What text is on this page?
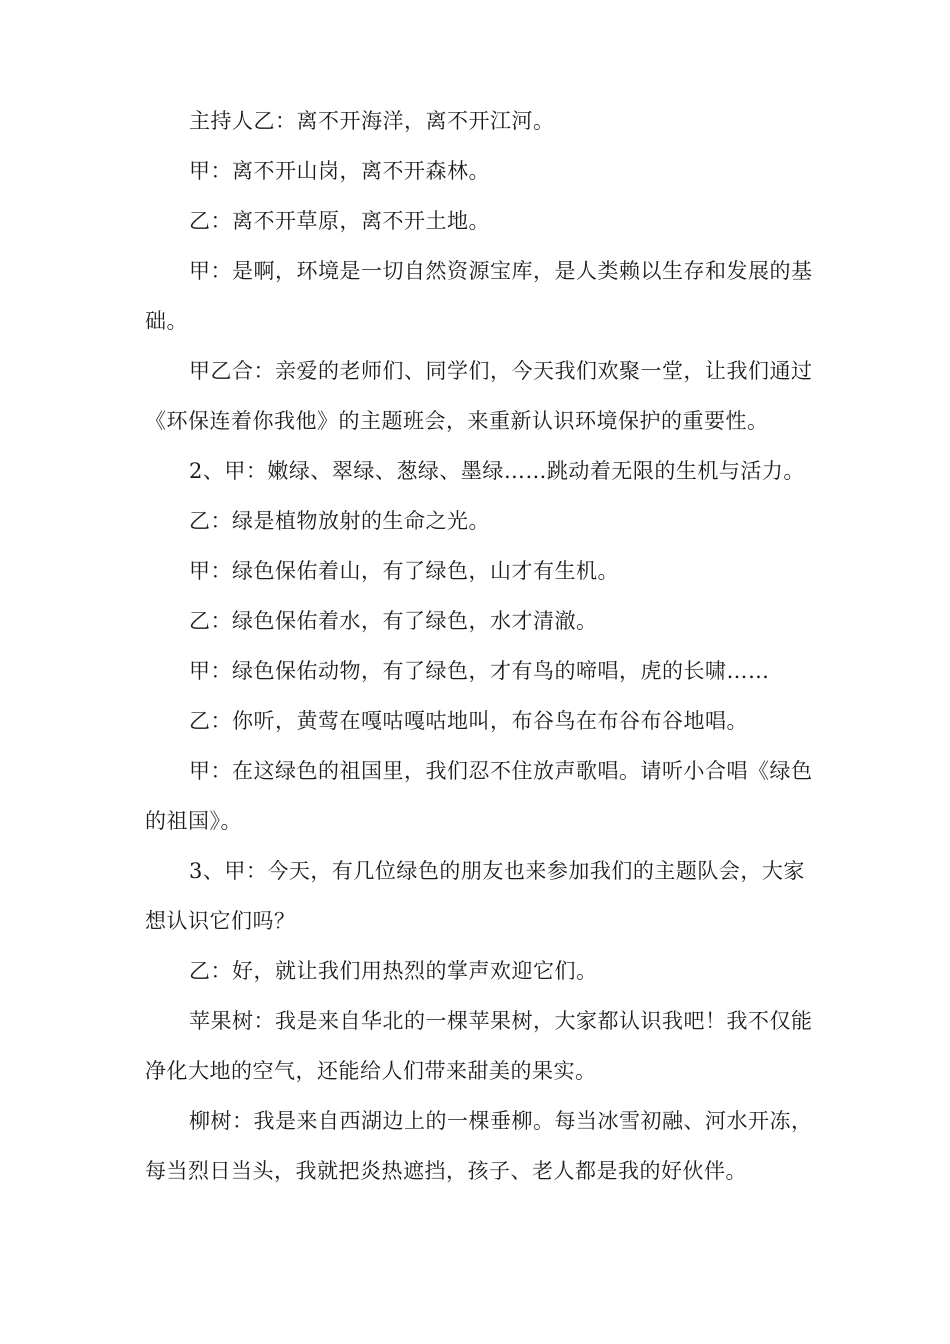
主持人乙：离不开海洋，离不开江河。

甲：离不开山岗，离不开森林。

乙：离不开草原，离不开土地。

甲：是啊，环境是一切自然资源宝库，是人类赖以生存和发展的基础。

甲乙合：亲爱的老师们、同学们，今天我们欢聚一堂，让我们通过《环保连着你我他》的主题班会，来重新认识环境保护的重要性。

2、甲：嫩绿、翠绿、葱绿、墨绿……跳动着无限的生机与活力。

乙：绿是植物放射的生命之光。

甲：绿色保佑着山，有了绿色，山才有生机。

乙：绿色保佑着水，有了绿色，水才清澈。

甲：绿色保佑动物，有了绿色，才有鸟的啼唱，虎的长啸……

乙：你听，黄莺在嘎咕嘎咕地叫，布谷鸟在布谷布谷地唱。

甲：在这绿色的祖国里，我们忍不住放声歌唱。请听小合唱《绿色的祖国》。

3、甲：今天，有几位绿色的朋友也来参加我们的主题队会，大家想认识它们吗？

乙：好，就让我们用热烈的掌声欢迎它们。

苹果树：我是来自华北的一棵苹果树，大家都认识我吧！我不仅能净化大地的空气，还能给人们带来甜美的果实。

柳树：我是来自西湖边上的一棵垂柳。每当冰雪初融、河水开冻，每当烈日当头，我就把炎热遮挡，孩子、老人都是我的好伙伴。
